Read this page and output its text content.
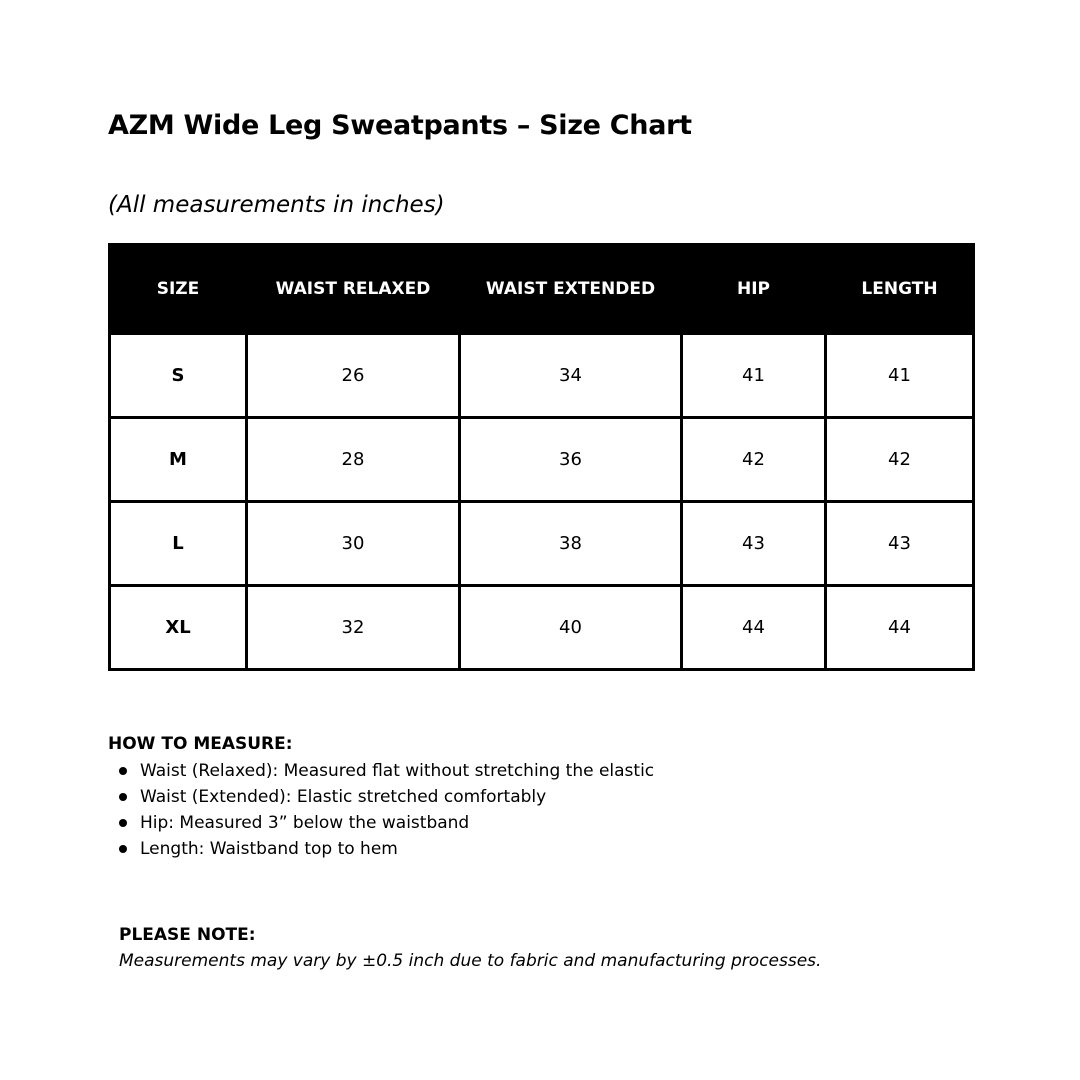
AZM Wide Leg Sweatpants – Size Chart

(All measurements in inches)

SIZE	WAIST RELAXED	WAIST EXTENDED	HIP	LENGTH
S	26	34	41	41
M	28	36	42	42
L	30	38	43	43
XL	32	40	44	44
HOW TO MEASURE:
Waist (Relaxed): Measured flat without stretching the elastic
Waist (Extended): Elastic stretched comfortably
Hip: Measured 3” below the waistband
Length: Waistband top to hem
PLEASE NOTE:

Measurements may vary by ±0.5 inch due to fabric and manufacturing processes.
